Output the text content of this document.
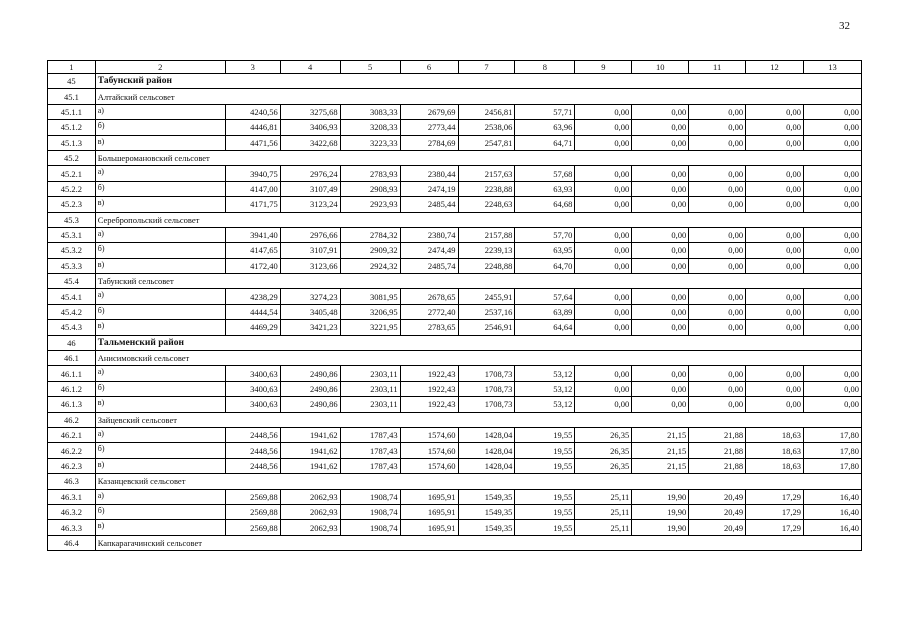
32
1	2	3	4	5	6	7	8	9	10	11	12	13
45	Табунский район											
45.1	Алтайский сельсовет											
45.1.1	а)	4240,56	3275,68	3083,33	2679,69	2456,81	57,71	0,00	0,00	0,00	0,00	0,00
45.1.2	б)	4446,81	3406,93	3208,33	2773,44	2538,06	63,96	0,00	0,00	0,00	0,00	0,00
45.1.3	в)	4471,56	3422,68	3223,33	2784,69	2547,81	64,71	0,00	0,00	0,00	0,00	0,00
45.2	Большеромановский сельсовет											
45.2.1	а)	3940,75	2976,24	2783,93	2380,44	2157,63	57,68	0,00	0,00	0,00	0,00	0,00
45.2.2	б)	4147,00	3107,49	2908,93	2474,19	2238,88	63,93	0,00	0,00	0,00	0,00	0,00
45.2.3	в)	4171,75	3123,24	2923,93	2485,44	2248,63	64,68	0,00	0,00	0,00	0,00	0,00
45.3	Серебропольский сельсовет											
45.3.1	а)	3941,40	2976,66	2784,32	2380,74	2157,88	57,70	0,00	0,00	0,00	0,00	0,00
45.3.2	б)	4147,65	3107,91	2909,32	2474,49	2239,13	63,95	0,00	0,00	0,00	0,00	0,00
45.3.3	в)	4172,40	3123,66	2924,32	2485,74	2248,88	64,70	0,00	0,00	0,00	0,00	0,00
45.4	Табунский сельсовет											
45.4.1	а)	4238,29	3274,23	3081,95	2678,65	2455,91	57,64	0,00	0,00	0,00	0,00	0,00
45.4.2	б)	4444,54	3405,48	3206,95	2772,40	2537,16	63,89	0,00	0,00	0,00	0,00	0,00
45.4.3	в)	4469,29	3421,23	3221,95	2783,65	2546,91	64,64	0,00	0,00	0,00	0,00	0,00
46	Тальменский район											
46.1	Анисимовский сельсовет											
46.1.1	а)	3400,63	2490,86	2303,11	1922,43	1708,73	53,12	0,00	0,00	0,00	0,00	0,00
46.1.2	б)	3400,63	2490,86	2303,11	1922,43	1708,73	53,12	0,00	0,00	0,00	0,00	0,00
46.1.3	в)	3400,63	2490,86	2303,11	1922,43	1708,73	53,12	0,00	0,00	0,00	0,00	0,00
46.2	Зайцевский сельсовет											
46.2.1	а)	2448,56	1941,62	1787,43	1574,60	1428,04	19,55	26,35	21,15	21,88	18,63	17,80
46.2.2	б)	2448,56	1941,62	1787,43	1574,60	1428,04	19,55	26,35	21,15	21,88	18,63	17,80
46.2.3	в)	2448,56	1941,62	1787,43	1574,60	1428,04	19,55	26,35	21,15	21,88	18,63	17,80
46.3	Казанцевский сельсовет											
46.3.1	а)	2569,88	2062,93	1908,74	1695,91	1549,35	19,55	25,11	19,90	20,49	17,29	16,40
46.3.2	б)	2569,88	2062,93	1908,74	1695,91	1549,35	19,55	25,11	19,90	20,49	17,29	16,40
46.3.3	в)	2569,88	2062,93	1908,74	1695,91	1549,35	19,55	25,11	19,90	20,49	17,29	16,40
46.4	Капкарагачинский сельсовет											
